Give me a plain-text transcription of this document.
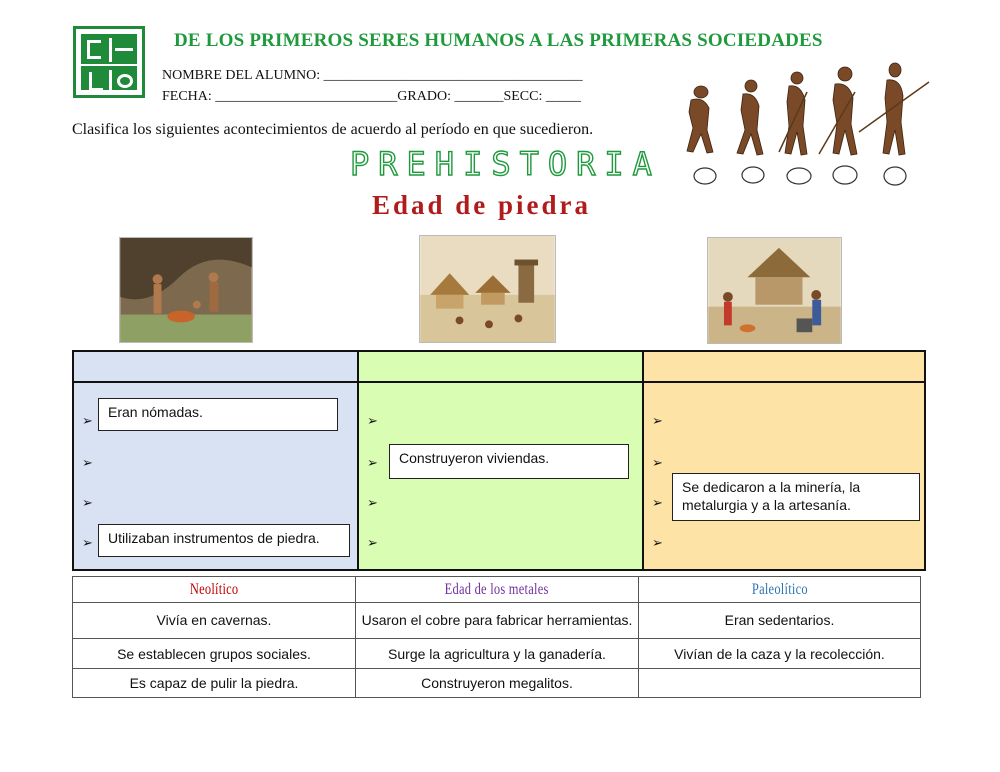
DE LOS PRIMEROS SERES HUMANOS A LAS PRIMERAS SOCIEDADES
NOMBRE DEL ALUMNO: _____________________________________
FECHA: __________________________GRADO: _______SECC: _____
Clasifica los siguientes acontecimientos de acuerdo al período en que sucedieron.
PREHISTORIA
Edad de piedra
➢
➢
➢
➢
Eran nómadas.
Utilizaban instrumentos de piedra.
➢
➢
➢
➢
Construyeron viviendas.
➢
➢
➢
➢
Se dedicaron a la minería, la metalurgia y a la artesanía.
Neolítico	Edad de los metales	Paleolítico
Vivía en cavernas.	Usaron el cobre para fabricar herramientas.	Eran sedentarios.
Se establecen grupos sociales.	Surge la agricultura y la ganadería.	Vivían de la caza y la recolección.
Es capaz de pulir la piedra.	Construyeron megalitos.	
